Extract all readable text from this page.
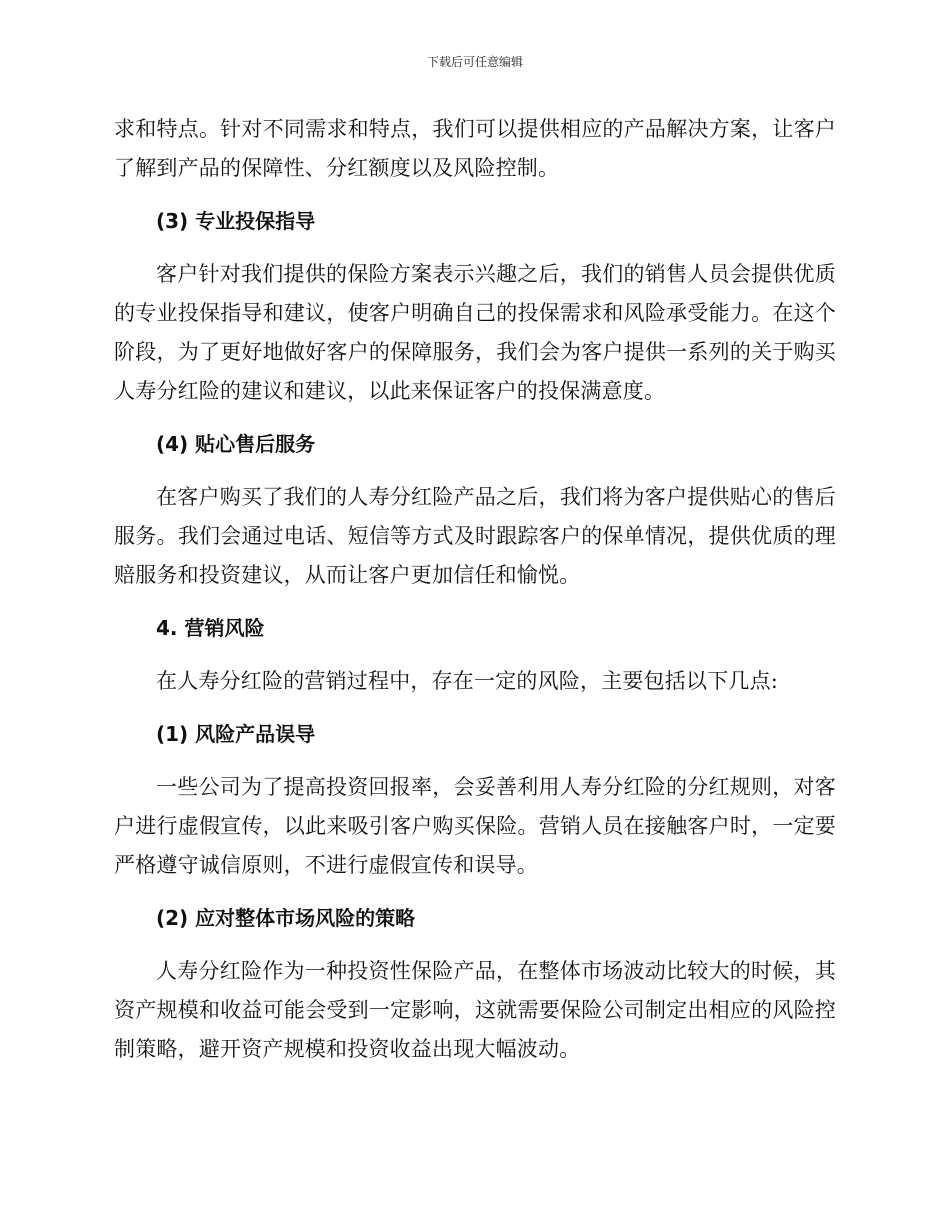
下载后可任意编辑

求和特点。针对不同需求和特点，我们可以提供相应的产品解决方案，让客户了解到产品的保障性、分红额度以及风险控制。

(3) 专业投保指导

客户针对我们提供的保险方案表示兴趣之后，我们的销售人员会提供优质的专业投保指导和建议，使客户明确自己的投保需求和风险承受能力。在这个阶段，为了更好地做好客户的保障服务，我们会为客户提供一系列的关于购买人寿分红险的建议和建议，以此来保证客户的投保满意度。

(4) 贴心售后服务

在客户购买了我们的人寿分红险产品之后，我们将为客户提供贴心的售后服务。我们会通过电话、短信等方式及时跟踪客户的保单情况，提供优质的理赔服务和投资建议，从而让客户更加信任和愉悦。

4. 营销风险

在人寿分红险的营销过程中，存在一定的风险，主要包括以下几点:

(1) 风险产品误导

一些公司为了提高投资回报率，会妥善利用人寿分红险的分红规则，对客户进行虚假宣传，以此来吸引客户购买保险。营销人员在接触客户时，一定要严格遵守诚信原则，不进行虚假宣传和误导。

(2) 应对整体市场风险的策略

人寿分红险作为一种投资性保险产品，在整体市场波动比较大的时候，其资产规模和收益可能会受到一定影响，这就需要保险公司制定出相应的风险控制策略，避开资产规模和投资收益出现大幅波动。
